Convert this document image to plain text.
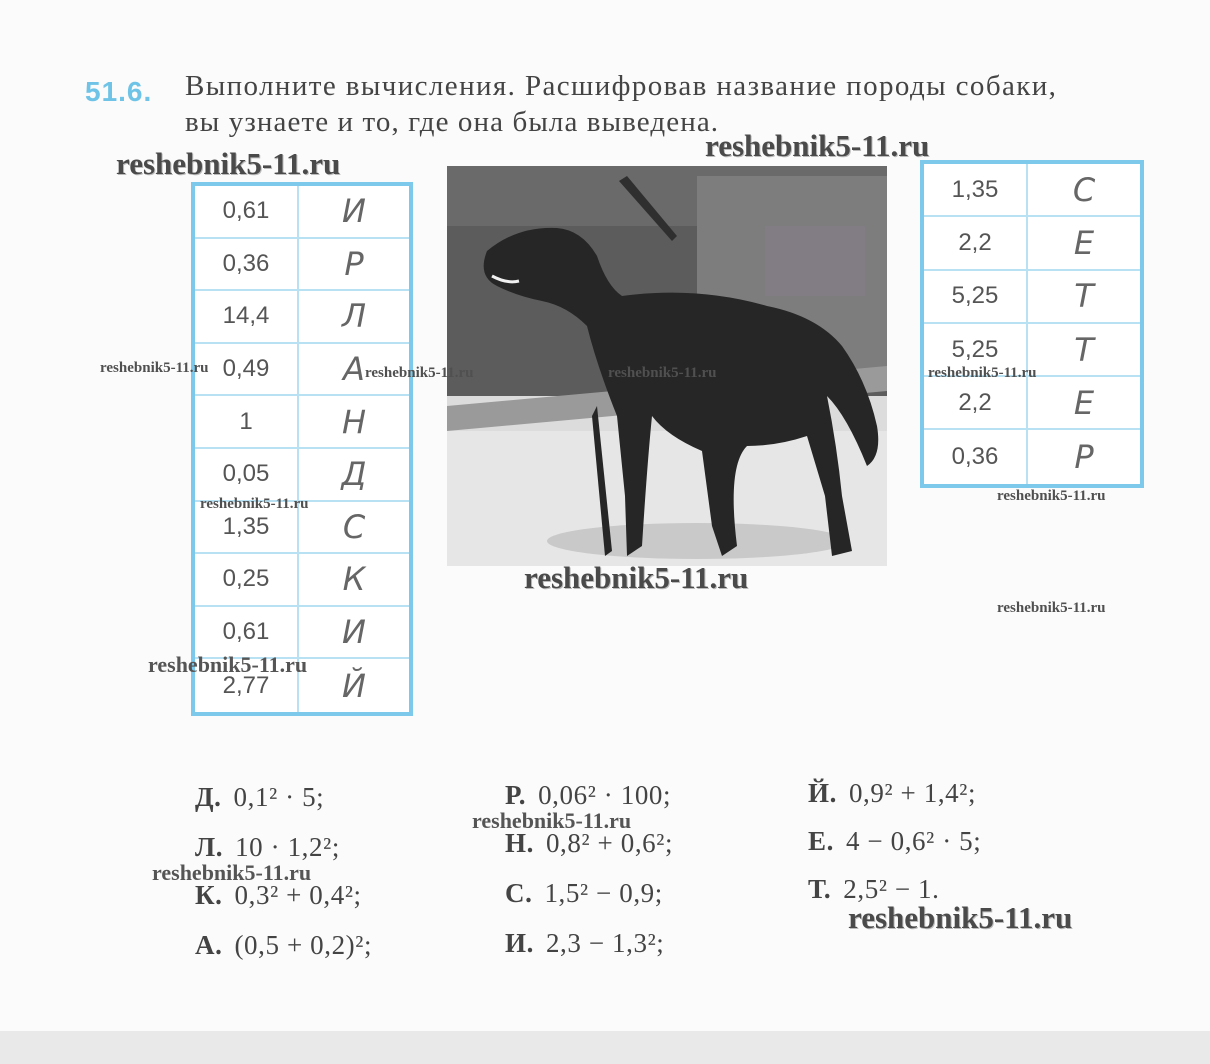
51.6. Выполните вычисления. Расшифровав название породы собаки,
вы узнаете и то, где она была выведена.
0,61	И
0,36	Р
14,4	Л
0,49	А
1	Н
0,05	Д
1,35	С
0,25	К
0,61	И
2,77	Й
1,35	С
2,2	Е
5,25	Т
5,25	Т
2,2	Е
0,36	Р
Д. 0,1² · 5;
Л. 10 · 1,2²;
К. 0,3² + 0,4²;
А. (0,5 + 0,2)²;
Р. 0,06² · 100;
Н. 0,8² + 0,6²;
С. 1,5² − 0,9;
И. 2,3 − 1,3²;
Й. 0,9² + 1,4²;
Е. 4 − 0,6² · 5;
Т. 2,5² − 1.
reshebnik5-11.ru
reshebnik5-11.ru
reshebnik5-11.ru	reshebnik5-11.ru	reshebnik5-11.ru	reshebnik5-11.ru
reshebnik5-11.ru	reshebnik5-11.ru
reshebnik5-11.ru
reshebnik5-11.ru
reshebnik5-11.ru
reshebnik5-11.ru
reshebnik5-11.ru
reshebnik5-11.ru
